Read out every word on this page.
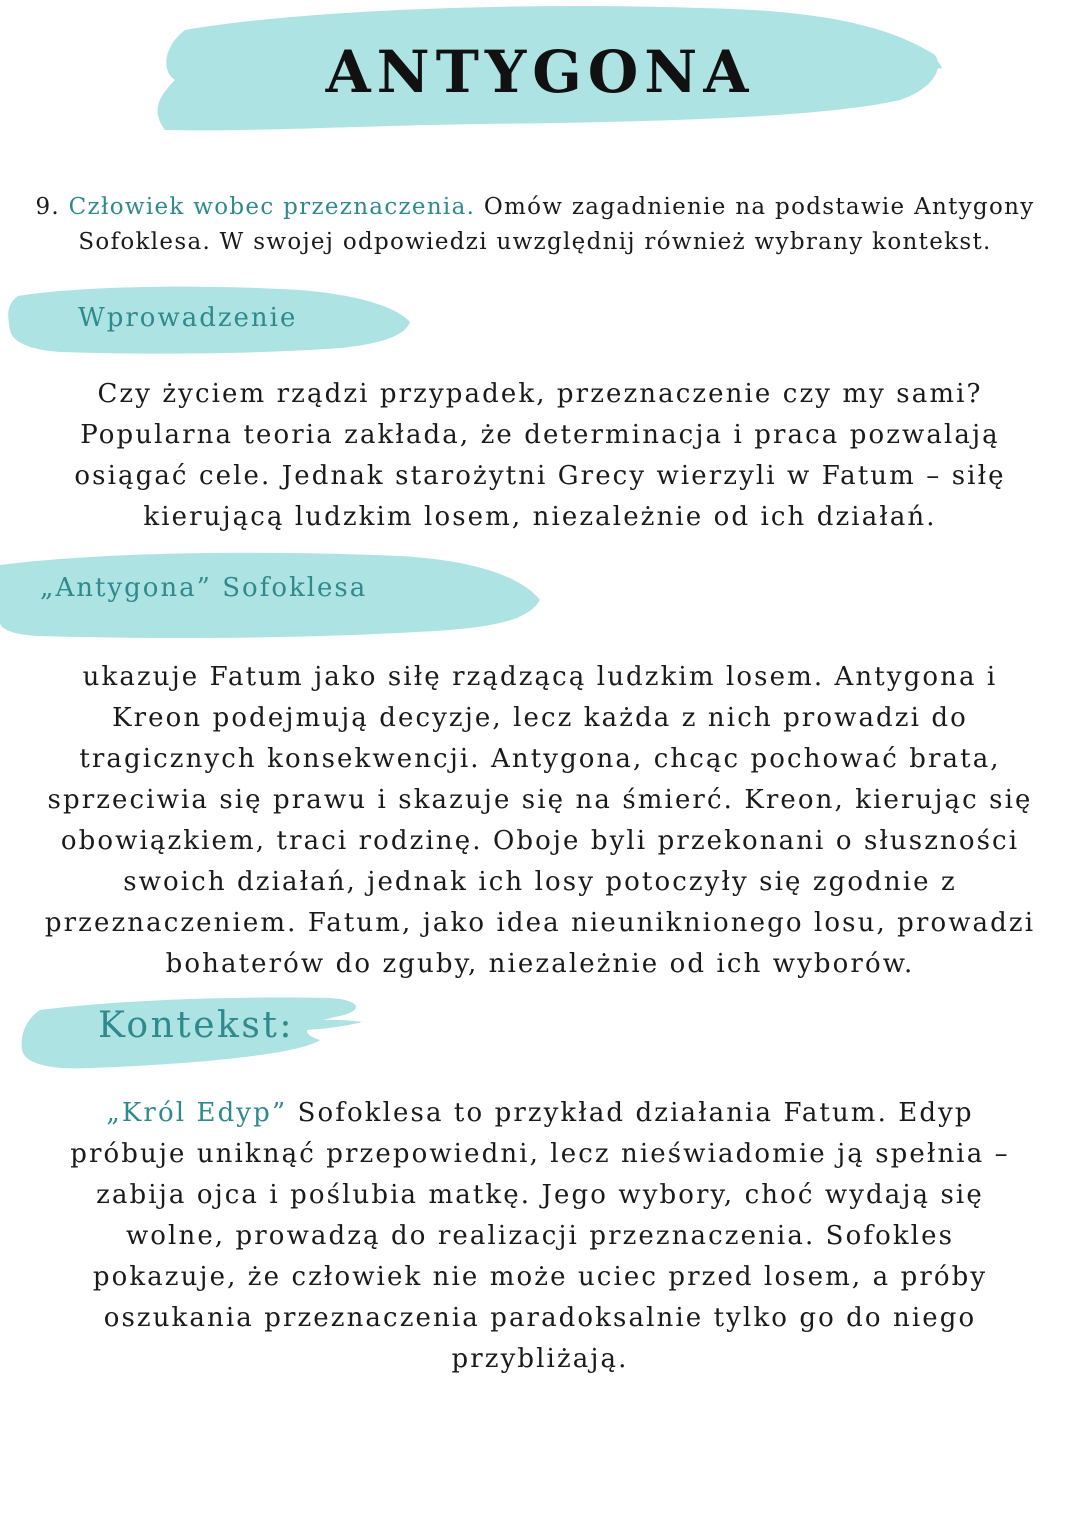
ANTYGONA

9. Człowiek wobec przeznaczenia. Omów zagadnienie na podstawie Antygony Sofoklesa. W swojej odpowiedzi uwzględnij również wybrany kontekst.

Wprowadzenie
Czy życiem rządzi przypadek, przeznaczenie czy my sami?
Popularna teoria zakłada, że determinacja i praca pozwalają
osiągać cele. Jednak starożytni Grecy wierzyli w Fatum – siłę
kierującą ludzkim losem, niezależnie od ich działań.
„Antygona” Sofoklesa
ukazuje Fatum jako siłę rządzącą ludzkim losem. Antygona i
Kreon podejmują decyzje, lecz każda z nich prowadzi do
tragicznych konsekwencji. Antygona, chcąc pochować brata,
sprzeciwia się prawu i skazuje się na śmierć. Kreon, kierując się
obowiązkiem, traci rodzinę. Oboje byli przekonani o słuszności
swoich działań, jednak ich losy potoczyły się zgodnie z
przeznaczeniem. Fatum, jako idea nieuniknionego losu, prowadzi
bohaterów do zguby, niezależnie od ich wyborów.
Kontekst:
„Król Edyp” Sofoklesa to przykład działania Fatum. Edyp
próbuje uniknąć przepowiedni, lecz nieświadomie ją spełnia –
zabija ojca i poślubia matkę. Jego wybory, choć wydają się
wolne, prowadzą do realizacji przeznaczenia. Sofokles
pokazuje, że człowiek nie może uciec przed losem, a próby
oszukania przeznaczenia paradoksalnie tylko go do niego
przybliżają.
